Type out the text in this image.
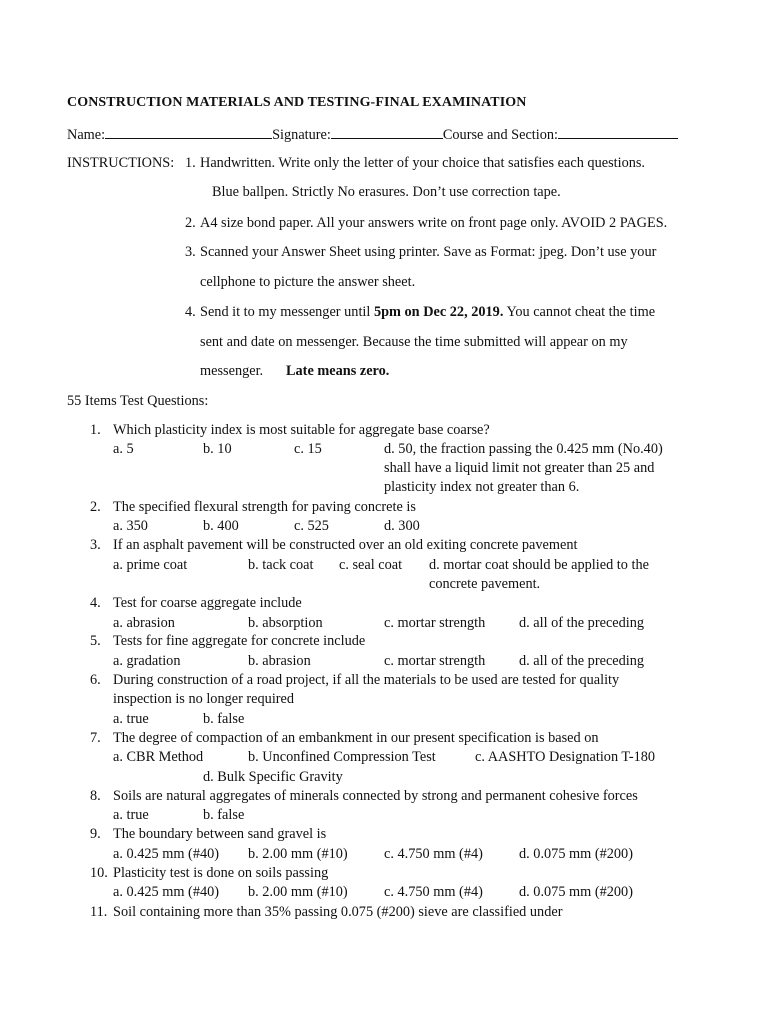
CONSTRUCTION MATERIALS AND TESTING-FINAL EXAMINATION
Name:	Signature:	Course and Section:
INSTRUCTIONS: 1. Handwritten. Write only the letter of your choice that satisfies each questions.
Blue ballpen. Strictly No erasures. Don’t use correction tape.
2. A4 size bond paper. All your answers write on front page only. AVOID 2 PAGES.
3. Scanned your Answer Sheet using printer. Save as Format: jpeg. Don’t use your
cellphone to picture the answer sheet.
4. Send it to my messenger until 5pm on Dec 22, 2019. You cannot cheat the time
sent and date on messenger. Because the time submitted will appear on my
messenger. Late means zero.
55 Items Test Questions:
1. Which plasticity index is most suitable for aggregate base coarse?
a. 5	b. 10	c. 15	d. 50, the fraction passing the 0.425 mm (No.40)
shall have a liquid limit not greater than 25 and
plasticity index not greater than 6.
2. The specified flexural strength for paving concrete is
a. 350	b. 400	c. 525	d. 300
3. If an asphalt pavement will be constructed over an old exiting concrete pavement
a. prime coat	b. tack coat c. seal coat d. mortar coat should be applied to the
concrete pavement.
4. Test for coarse aggregate include
a. abrasion	b. absorption	c. mortar strength d. all of the preceding
5. Tests for fine aggregate for concrete include
a. gradation	b. abrasion	c. mortar strength d. all of the preceding
6. During construction of a road project, if all the materials to be used are tested for quality
inspection is no longer required
a. true	b. false
7. The degree of compaction of an embankment in our present specification is based on
a. CBR Method	b. Unconfined Compression Test	c. AASHTO Designation T-180
d. Bulk Specific Gravity
8. Soils are natural aggregates of minerals connected by strong and permanent cohesive forces
a. true	b. false
9. The boundary between sand gravel is
a. 0.425 mm (#40) b. 2.00 mm (#10)	c. 4.750 mm (#4)	d. 0.075 mm (#200)
10. Plasticity test is done on soils passing
a. 0.425 mm (#40) b. 2.00 mm (#10)	c. 4.750 mm (#4)	d. 0.075 mm (#200)
11. Soil containing more than 35% passing 0.075 (#200) sieve are classified under
